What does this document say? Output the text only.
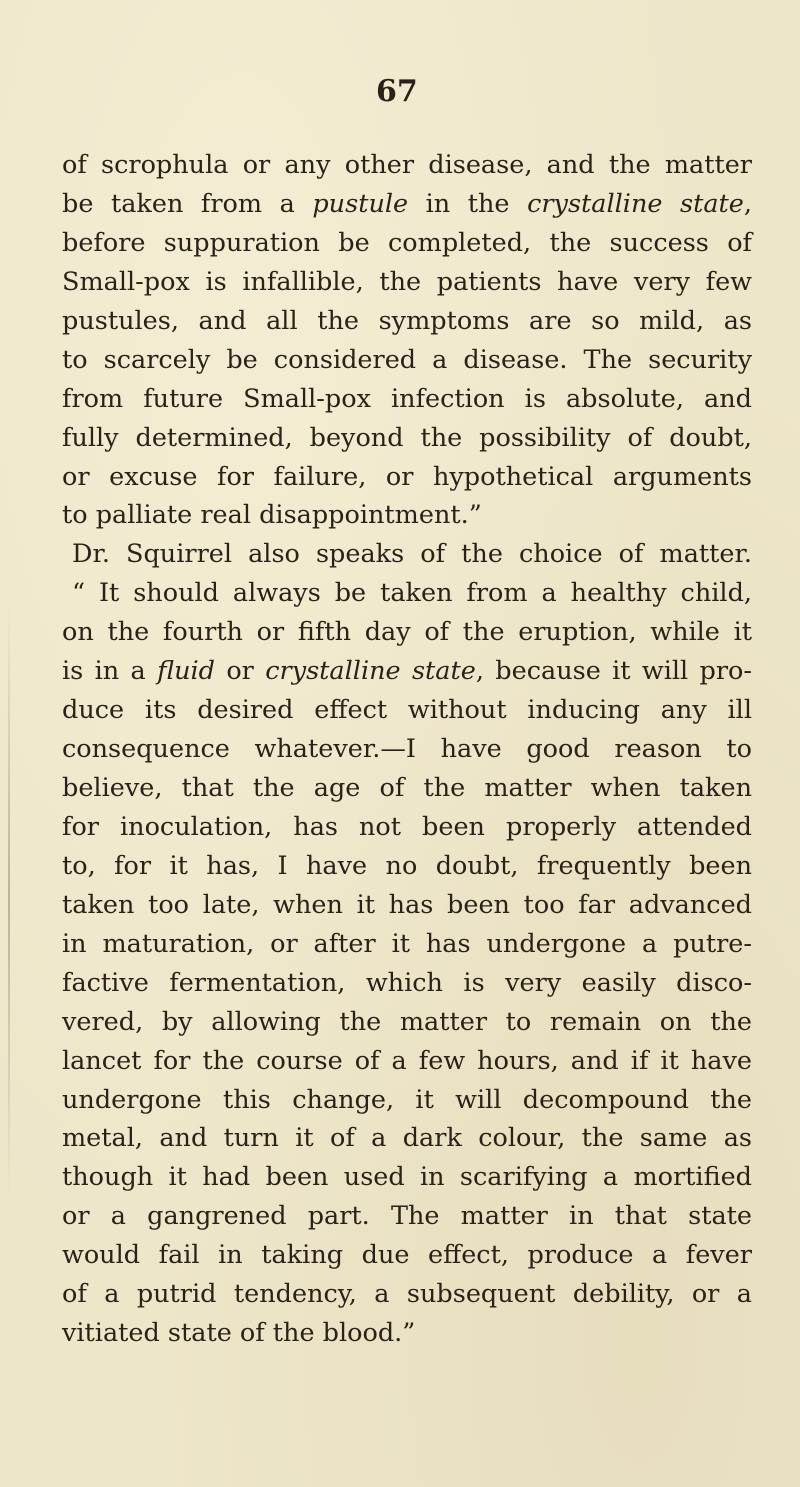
67
of scrophula or any other disease, and the matter
be taken from a pustule in the crystalline state,
before suppuration be completed, the success of
Small-pox is infallible, the patients have very few
pustules, and all the symptoms are so mild, as
to scarcely be considered a disease. The security
from future Small-pox infection is absolute, and
fully determined, beyond the possibility of doubt,
or excuse for failure, or hypothetical arguments
to palliate real disappointment.”
Dr. Squirrel also speaks of the choice of matter.
“ It should always be taken from a healthy child,
on the fourth or fifth day of the eruption, while it
is in a fluid or crystalline state, because it will pro-
duce its desired effect without inducing any ill
consequence whatever.—I have good reason to
believe, that the age of the matter when taken
for inoculation, has not been properly attended
to, for it has, I have no doubt, frequently been
taken too late, when it has been too far advanced
in maturation, or after it has undergone a putre-
factive fermentation, which is very easily disco-
vered, by allowing the matter to remain on the
lancet for the course of a few hours, and if it have
undergone this change, it will decompound the
metal, and turn it of a dark colour, the same as
though it had been used in scarifying a mortified
or a gangrened part. The matter in that state
would fail in taking due effect, produce a fever
of a putrid tendency, a subsequent debility, or a
vitiated state of the blood.”
